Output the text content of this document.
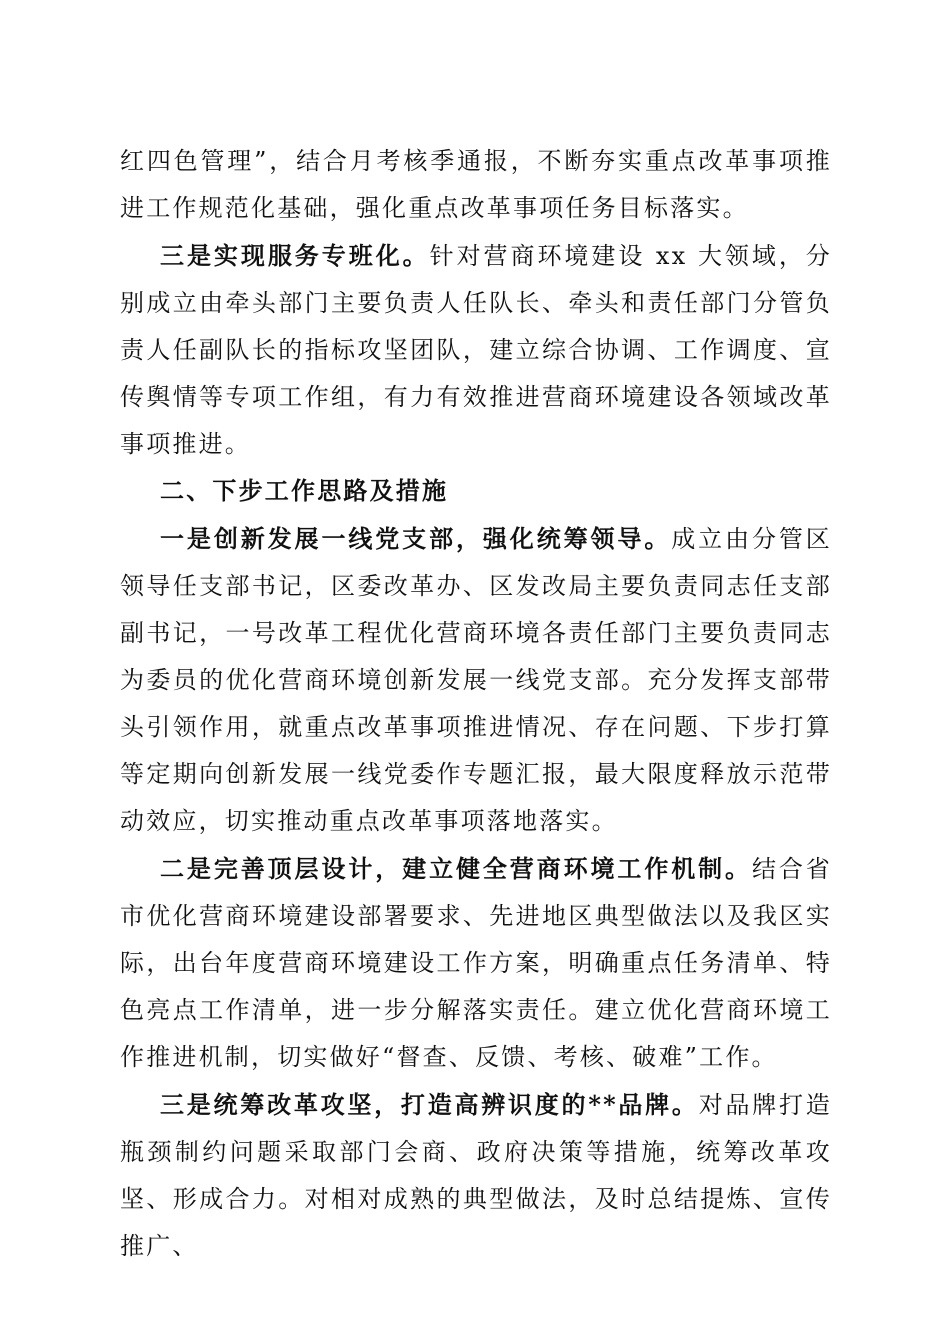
红四色管理”，结合月考核季通报，不断夯实重点改革事项推进工作规范化基础，强化重点改革事项任务目标落实。

三是实现服务专班化。针对营商环境建设 xx 大领域，分别成立由牵头部门主要负责人任队长、牵头和责任部门分管负责人任副队长的指标攻坚团队，建立综合协调、工作调度、宣传舆情等专项工作组，有力有效推进营商环境建设各领域改革事项推进。

二、下步工作思路及措施

一是创新发展一线党支部，强化统筹领导。成立由分管区领导任支部书记，区委改革办、区发改局主要负责同志任支部副书记，一号改革工程优化营商环境各责任部门主要负责同志为委员的优化营商环境创新发展一线党支部。充分发挥支部带头引领作用，就重点改革事项推进情况、存在问题、下步打算等定期向创新发展一线党委作专题汇报，最大限度释放示范带动效应，切实推动重点改革事项落地落实。

二是完善顶层设计，建立健全营商环境工作机制。结合省市优化营商环境建设部署要求、先进地区典型做法以及我区实际，出台年度营商环境建设工作方案，明确重点任务清单、特色亮点工作清单，进一步分解落实责任。建立优化营商环境工作推进机制，切实做好“督查、反馈、考核、破难”工作。

三是统筹改革攻坚，打造高辨识度的**品牌。对品牌打造瓶颈制约问题采取部门会商、政府决策等措施，统筹改革攻坚、形成合力。对相对成熟的典型做法，及时总结提炼、宣传推广、
